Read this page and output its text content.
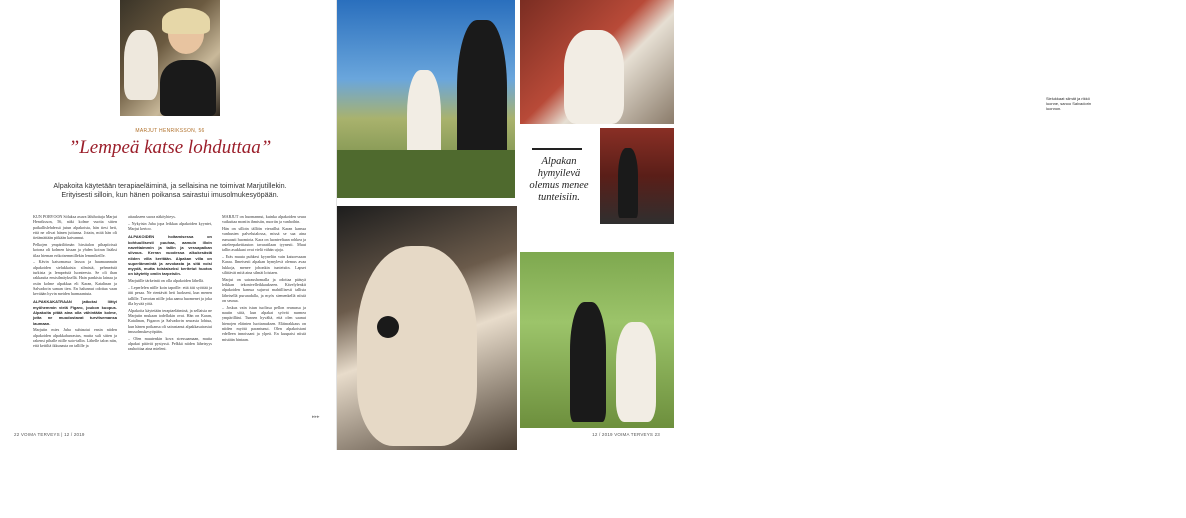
MARJUT HENRIKSSON, 56
”Lempeä katse lohduttaa”
Alpakoita käytetään terapiaeläiminä, ja sellaisina ne toimivat Marjutillekin. Erityisesti silloin, kun hänen poikansa sairastui imusolmukesyöpään.

KUN PORVOON Sölaksa asuva lähihoitaja Marjut Henriksson, 56, näki kolme vuotta sitten paikallislehdessä jutun alpakoista, hän tiesi heti, että ne olivat hänen juttunsa. Jotain, mitä hän oli tietämättään pitkään kaivannut.

Pelkojen ympärilöimän hirsitalon pihapiirissä kotona oli kolmen kissan ja yhden koiran lisäksi tilaa hieman erikoisemmillekin lemmikeille.

– Kävin katsomassa lassoa ja huumaannuin alpakoiden sielukkaista silmistä, pehmeästä turkista ja lempeästä luonteesta. Se oli ihan rakkautta ensisilmäyksellä. Hain pankista lainaa ja ostin kolme alpakkaa eli Karan, Katalinan ja Salvadorin saman tien. En halunnut odottaa vaan keväään hyvin meiden harmaantuta.

ALPAKKAKATRAAN jatkoksi liittyi myöhemmin vielä Figaro, joukon kuopus. Alpakoita pitää aina olla vähintään kolme, jotta ne muodostavat turvitsemansa laumaan.

Marjutin mies Juha suhtautui ensin niiden alpakoiden alpakkaharrastus, mutta suli sitten ja rakensi pihalle niille suto-tallin. Lähelle talon niin, että kettiltä ikkunasta on tallille ja

aitaukseen suora näköyhteys.

– Nykyisin Juha jopa leikkaa alpakoiden kyyntet, Marjut kertoo.

ALPAKOIDEN hoitamisessa on kohtuullisesti puuhaa, aamuin illoin navettaimmin ja tallin ja vessapaikan siivous. Kerran vuodessa alkukesästä niiden villa keritään. Alpakan villa on superlämmintä ja arvokasta ja sitä voisi myydä, mutta toistaiseksi keritetut huotos on käytetty omiin tarpeisiin.

Marjutille tärkeintä on olla alpakoiden lähellä.

– Leperlelen niille koin tapoille: että äiti syöttää ja äiti pesaa. Ne rientävät heti luokseni, kun menen tallille. Travotan niille joka aamu huomenet ja joka illa hyvää yötä.

Alpakoita käytetään terapiaeläiminä, ja sellaisia ne Marjutin mukaan todellakin ovat. Hän on Karan, Katalinan, Figaron ja Salvadorin seurasta lohtua, kun hänen poikansa oli sairastanut alpakkasairastui imusolmukesyöpään.

– Olen muutenkin kova stressaamaan, mutta alpakat pitävät pystyssä. Pelkkä niiden läheisyys rauhoittaa aina mieleni.

MARJUT on huomannut, kuinka alpakoiden seura vaikuttaa moniin ihmisiin, nuoriin ja vanhoihin.

Hän on silloin tällöin vieraillut Karan kanssa vanhusten palvelutalossa, missä se saa aina runsaasti huomiota. Kara on luonteeltaan rohkea ja asteleepakettiauton tavaratilaan tyynesti. Muut tallin asukkaat ovat vielä vähän ujoja.

– Eräs muuta puhkesi kyyneliin vain katsoessaan Karaa. Ilmeisesti alpakan hymylevä olemus avaa lukkoja, menee johonkin tunteisiin. Lapset silittävät mitä aina silmät loistaen.

Marjut on sairaushomalla ja odottaa pääsyä leikkan tekonivelleikkaukseen. Kävelylenkit alpakoiden kanssa sujuvat mahtillisesti tallista läheisellä pururadalla, ja myös siemenkellä niistä on seuraa.

– Joskus vain istun tuolissa pellon reunassa ja nautin siitä, kun alpakat syövät nurmea ympärilläni. Tunnen hyvältä, että olen saanut hienojen eläinten luottamuksen. Eläinrakkaus on niiden myötä parantunut. Olen alpakoistani edelleen innoissani ja ylpeä. En kuupaisi niistä mistään hintaan.

▸▸▸
22 VOIMA TERVEYS | 12 / 2019
Alpakot mekkevät tulisensa aurinu, mutta ovat voitimanpeäsny kevotanttsen.
Sielukkaat silmät ja rikkö luonne, sanoo Salvadorin luonnon.
Alpakan hymyilevä olemus menee tunteisiin.
Keskimisten karvojensa alpakkisuuden alpakoiden pää on toivuttu ylenkaa, pitkän puun värissä mutta luukkatua, melkein luomasa.
Kävelyreissu ovat hienoja. Alpakot ovat Etelä-Amerikasta, mutta ne ovat hyvin sopeutuneet Suomen ilmastoon.
12 / 2019 VOIMA TERVEYS 23
